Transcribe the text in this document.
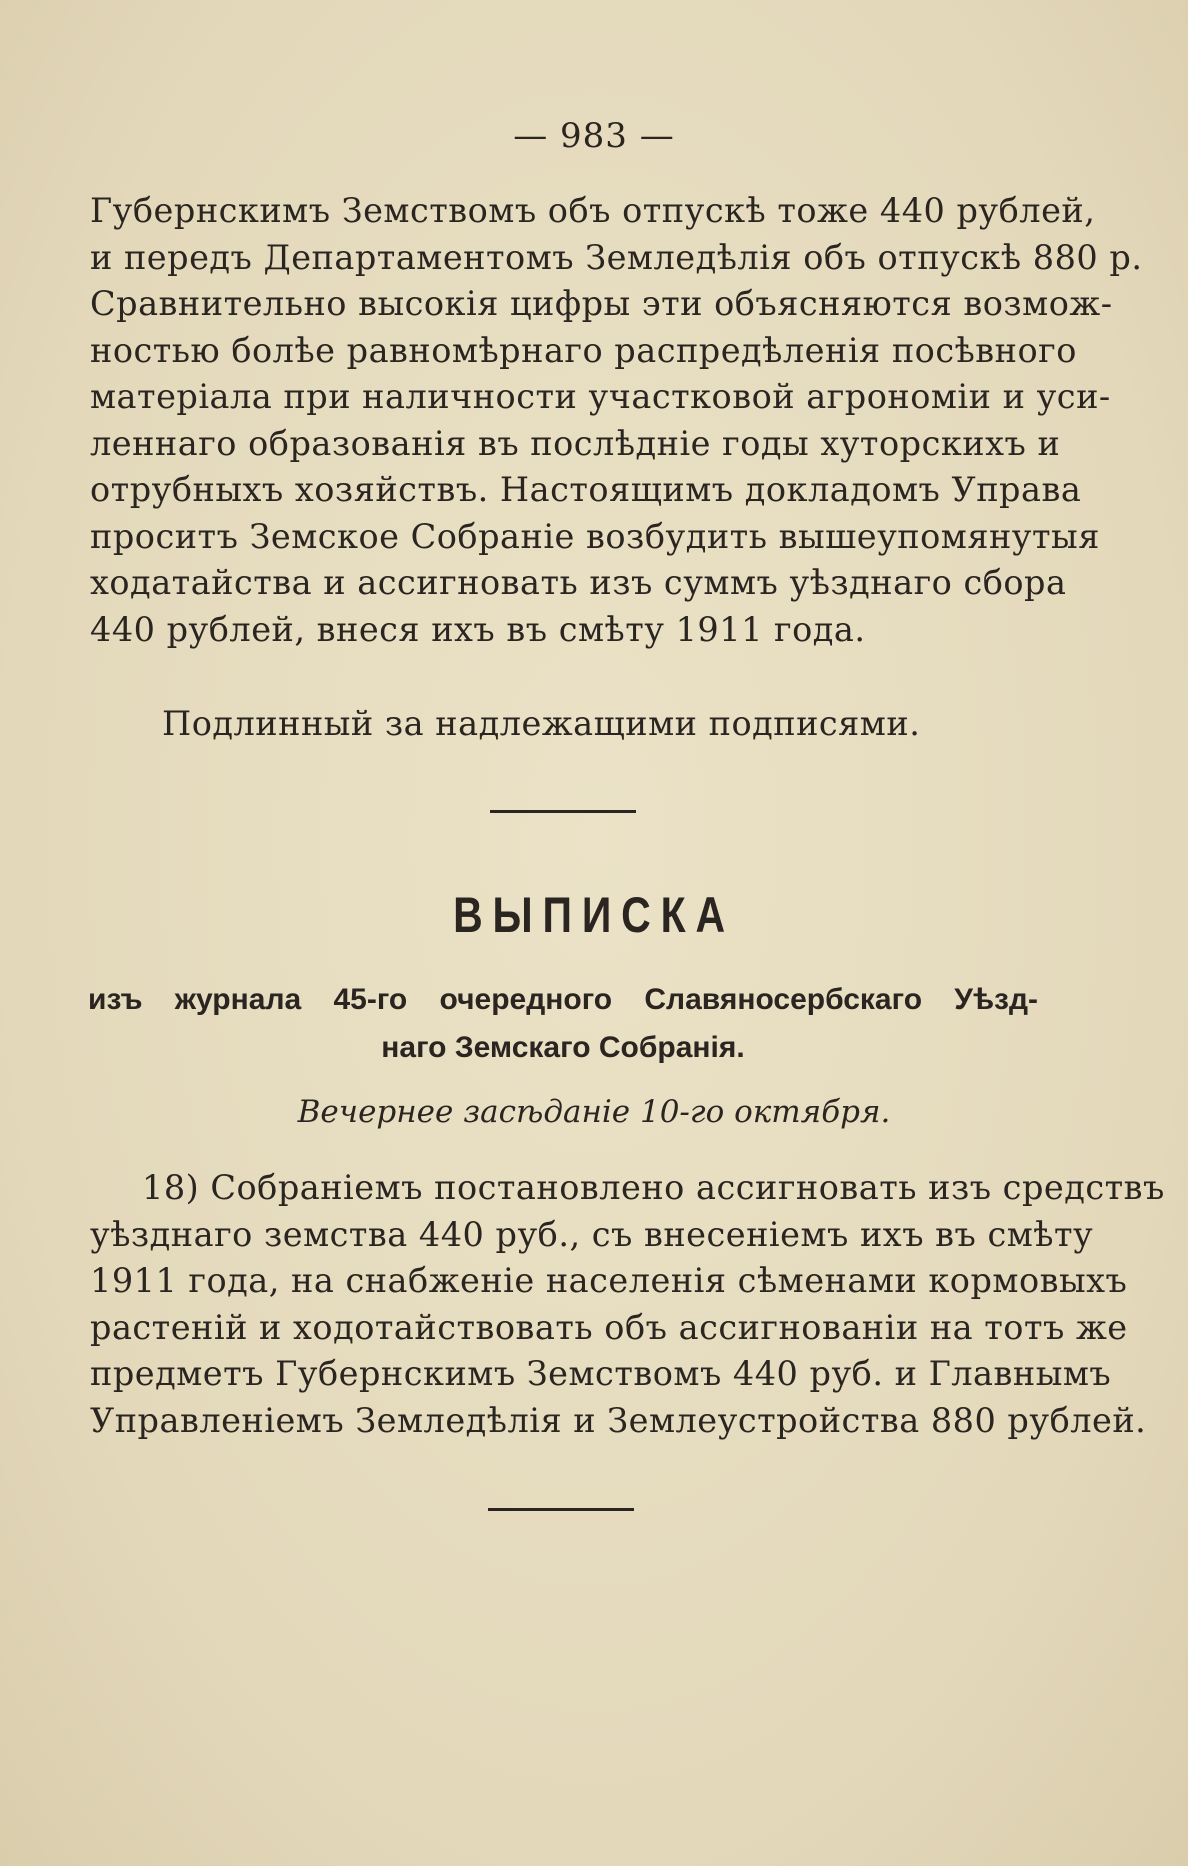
— 983 —
Губернскимъ Земствомъ объ отпускѣ тоже 440 рублей,
и передъ Департаментомъ Земледѣлія объ отпускѣ 880 р.
Сравнительно высокія цифры эти объясняются возмож-
ностью болѣе равномѣрнаго распредѣленія посѣвного
матеріала при наличности участковой агрономіи и уси-
леннаго образованія въ послѣдніе годы хуторскихъ и
отрубныхъ хозяйствъ. Настоящимъ докладомъ Управа
проситъ Земское Собраніе возбудить вышеупомянутыя
ходатайства и ассигновать изъ суммъ уѣзднаго сбора
440 рублей, внеся ихъ въ смѣту 1911 года.
Подлинный за надлежащими подписями.
ВЫПИСКА
изъ журнала 45-го очередного Славяносербскаго Уѣзд-
наго Земскаго Собранія.
Вечернее засѣданіе 10-го октября.
18) Собраніемъ постановлено ассигновать изъ средствъ
уѣзднаго земства 440 руб., съ внесеніемъ ихъ въ смѣту
1911 года, на снабженіе населенія сѣменами кормовыхъ
растеній и ходотайствовать объ ассигнованіи на тотъ же
предметъ Губернскимъ Земствомъ 440 руб. и Главнымъ
Управленіемъ Земледѣлія и Землеустройства 880 рублей.
